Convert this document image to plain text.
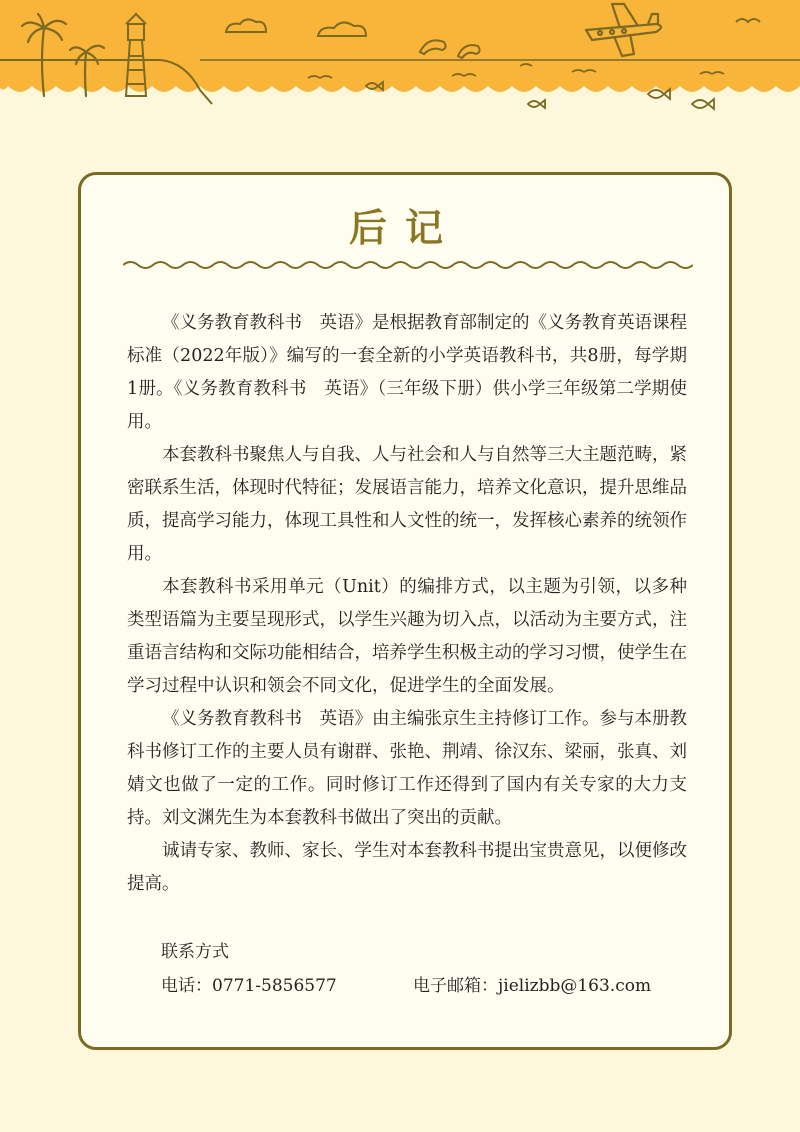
后记

《义务教育教科书　英语》是根据教育部制定的《义务教育英语课程标准（2022年版）》编写的一套全新的小学英语教科书，共8册，每学期1册。《义务教育教科书　英语》（三年级下册）供小学三年级第二学期使用。

本套教科书聚焦人与自我、人与社会和人与自然等三大主题范畴，紧密联系生活，体现时代特征；发展语言能力，培养文化意识，提升思维品质，提高学习能力，体现工具性和人文性的统一，发挥核心素养的统领作用。

本套教科书采用单元（Unit）的编排方式，以主题为引领，以多种类型语篇为主要呈现形式，以学生兴趣为切入点，以活动为主要方式，注重语言结构和交际功能相结合，培养学生积极主动的学习习惯，使学生在学习过程中认识和领会不同文化，促进学生的全面发展。

《义务教育教科书　英语》由主编张京生主持修订工作。参与本册教科书修订工作的主要人员有谢群、张艳、荆靖、徐汉东、梁丽，张真、刘婧文也做了一定的工作。同时修订工作还得到了国内有关专家的大力支持。刘文渊先生为本套教科书做出了突出的贡献。

诚请专家、教师、家长、学生对本套教科书提出宝贵意见，以便修改提高。

联系方式
电话：0771-5856577	电子邮箱：jielizbb@163.com
